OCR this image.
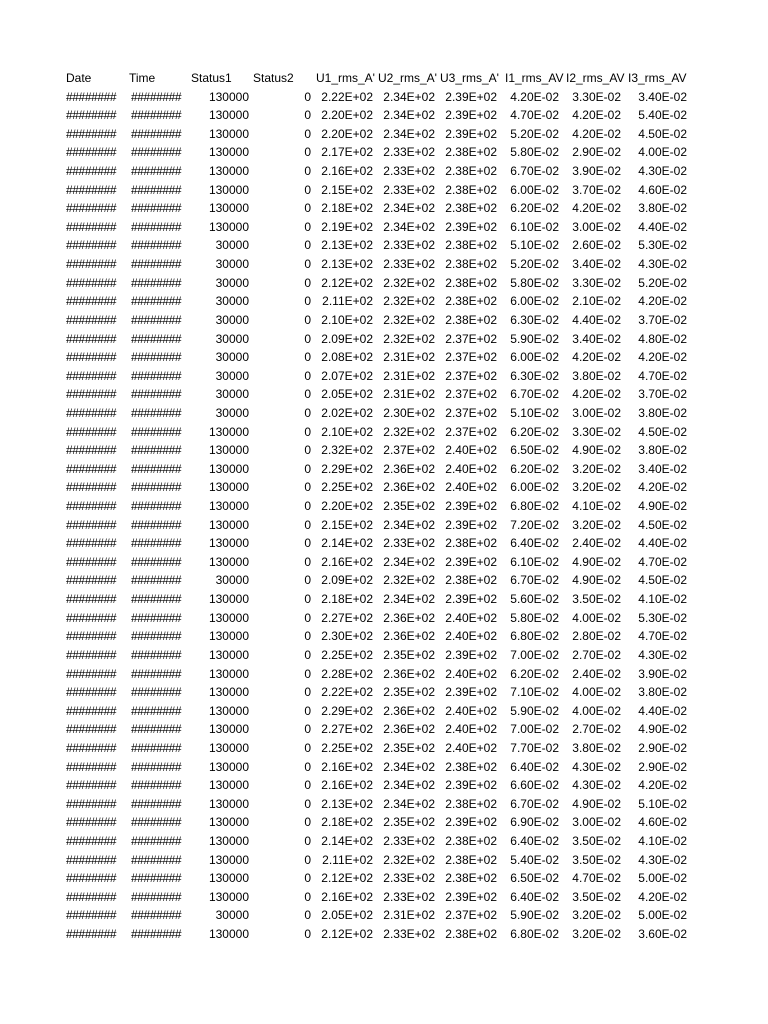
Date	Time	Status1	Status2	U1_rms_A' U2_rms_A' U3_rms_A' I1_rms_AV I2_rms_AV I3_rms_AV
########	########	130000	0 2.22E+02 2.34E+02 2.39E+02	4.20E-02	3.30E-02	3.40E-02
########	########	130000	0 2.20E+02 2.34E+02 2.39E+02	4.70E-02	4.20E-02	5.40E-02
########	########	130000	0 2.20E+02 2.34E+02 2.39E+02	5.20E-02	4.20E-02	4.50E-02
########	########	130000	0 2.17E+02 2.33E+02 2.38E+02	5.80E-02	2.90E-02	4.00E-02
########	########	130000	0 2.16E+02 2.33E+02 2.38E+02	6.70E-02	3.90E-02	4.30E-02
########	########	130000	0 2.15E+02 2.33E+02 2.38E+02	6.00E-02	3.70E-02	4.60E-02
########	########	130000	0 2.18E+02 2.34E+02 2.38E+02	6.20E-02	4.20E-02	3.80E-02
########	########	130000	0 2.19E+02 2.34E+02 2.39E+02	6.10E-02	3.00E-02	4.40E-02
########	########	30000	0 2.13E+02 2.33E+02 2.38E+02	5.10E-02	2.60E-02	5.30E-02
########	########	30000	0 2.13E+02 2.33E+02 2.38E+02	5.20E-02	3.40E-02	4.30E-02
########	########	30000	0 2.12E+02 2.32E+02 2.38E+02	5.80E-02	3.30E-02	5.20E-02
########	########	30000	0 2.11E+02 2.32E+02 2.38E+02	6.00E-02	2.10E-02	4.20E-02
########	########	30000	0 2.10E+02 2.32E+02 2.38E+02	6.30E-02	4.40E-02	3.70E-02
########	########	30000	0 2.09E+02 2.32E+02 2.37E+02	5.90E-02	3.40E-02	4.80E-02
########	########	30000	0 2.08E+02 2.31E+02 2.37E+02	6.00E-02	4.20E-02	4.20E-02
########	########	30000	0 2.07E+02 2.31E+02 2.37E+02	6.30E-02	3.80E-02	4.70E-02
########	########	30000	0 2.05E+02 2.31E+02 2.37E+02	6.70E-02	4.20E-02	3.70E-02
########	########	30000	0 2.02E+02 2.30E+02 2.37E+02	5.10E-02	3.00E-02	3.80E-02
########	########	130000	0 2.10E+02 2.32E+02 2.37E+02	6.20E-02	3.30E-02	4.50E-02
########	########	130000	0 2.32E+02 2.37E+02 2.40E+02	6.50E-02	4.90E-02	3.80E-02
########	########	130000	0 2.29E+02 2.36E+02 2.40E+02	6.20E-02	3.20E-02	3.40E-02
########	########	130000	0 2.25E+02 2.36E+02 2.40E+02	6.00E-02	3.20E-02	4.20E-02
########	########	130000	0 2.20E+02 2.35E+02 2.39E+02	6.80E-02	4.10E-02	4.90E-02
########	########	130000	0 2.15E+02 2.34E+02 2.39E+02	7.20E-02	3.20E-02	4.50E-02
########	########	130000	0 2.14E+02 2.33E+02 2.38E+02	6.40E-02	2.40E-02	4.40E-02
########	########	130000	0 2.16E+02 2.34E+02 2.39E+02	6.10E-02	4.90E-02	4.70E-02
########	########	30000	0 2.09E+02 2.32E+02 2.38E+02	6.70E-02	4.90E-02	4.50E-02
########	########	130000	0 2.18E+02 2.34E+02 2.39E+02	5.60E-02	3.50E-02	4.10E-02
########	########	130000	0 2.27E+02 2.36E+02 2.40E+02	5.80E-02	4.00E-02	5.30E-02
########	########	130000	0 2.30E+02 2.36E+02 2.40E+02	6.80E-02	2.80E-02	4.70E-02
########	########	130000	0 2.25E+02 2.35E+02 2.39E+02	7.00E-02	2.70E-02	4.30E-02
########	########	130000	0 2.28E+02 2.36E+02 2.40E+02	6.20E-02	2.40E-02	3.90E-02
########	########	130000	0 2.22E+02 2.35E+02 2.39E+02	7.10E-02	4.00E-02	3.80E-02
########	########	130000	0 2.29E+02 2.36E+02 2.40E+02	5.90E-02	4.00E-02	4.40E-02
########	########	130000	0 2.27E+02 2.36E+02 2.40E+02	7.00E-02	2.70E-02	4.90E-02
########	########	130000	0 2.25E+02 2.35E+02 2.40E+02	7.70E-02	3.80E-02	2.90E-02
########	########	130000	0 2.16E+02 2.34E+02 2.38E+02	6.40E-02	4.30E-02	2.90E-02
########	########	130000	0 2.16E+02 2.34E+02 2.39E+02	6.60E-02	4.30E-02	4.20E-02
########	########	130000	0 2.13E+02 2.34E+02 2.38E+02	6.70E-02	4.90E-02	5.10E-02
########	########	130000	0 2.18E+02 2.35E+02 2.39E+02	6.90E-02	3.00E-02	4.60E-02
########	########	130000	0 2.14E+02 2.33E+02 2.38E+02	6.40E-02	3.50E-02	4.10E-02
########	########	130000	0 2.11E+02 2.32E+02 2.38E+02	5.40E-02	3.50E-02	4.30E-02
########	########	130000	0 2.12E+02 2.33E+02 2.38E+02	6.50E-02	4.70E-02	5.00E-02
########	########	130000	0 2.16E+02 2.33E+02 2.39E+02	6.40E-02	3.50E-02	4.20E-02
########	########	30000	0 2.05E+02 2.31E+02 2.37E+02	5.90E-02	3.20E-02	5.00E-02
########	########	130000	0 2.12E+02 2.33E+02 2.38E+02	6.80E-02	3.20E-02	3.60E-02
